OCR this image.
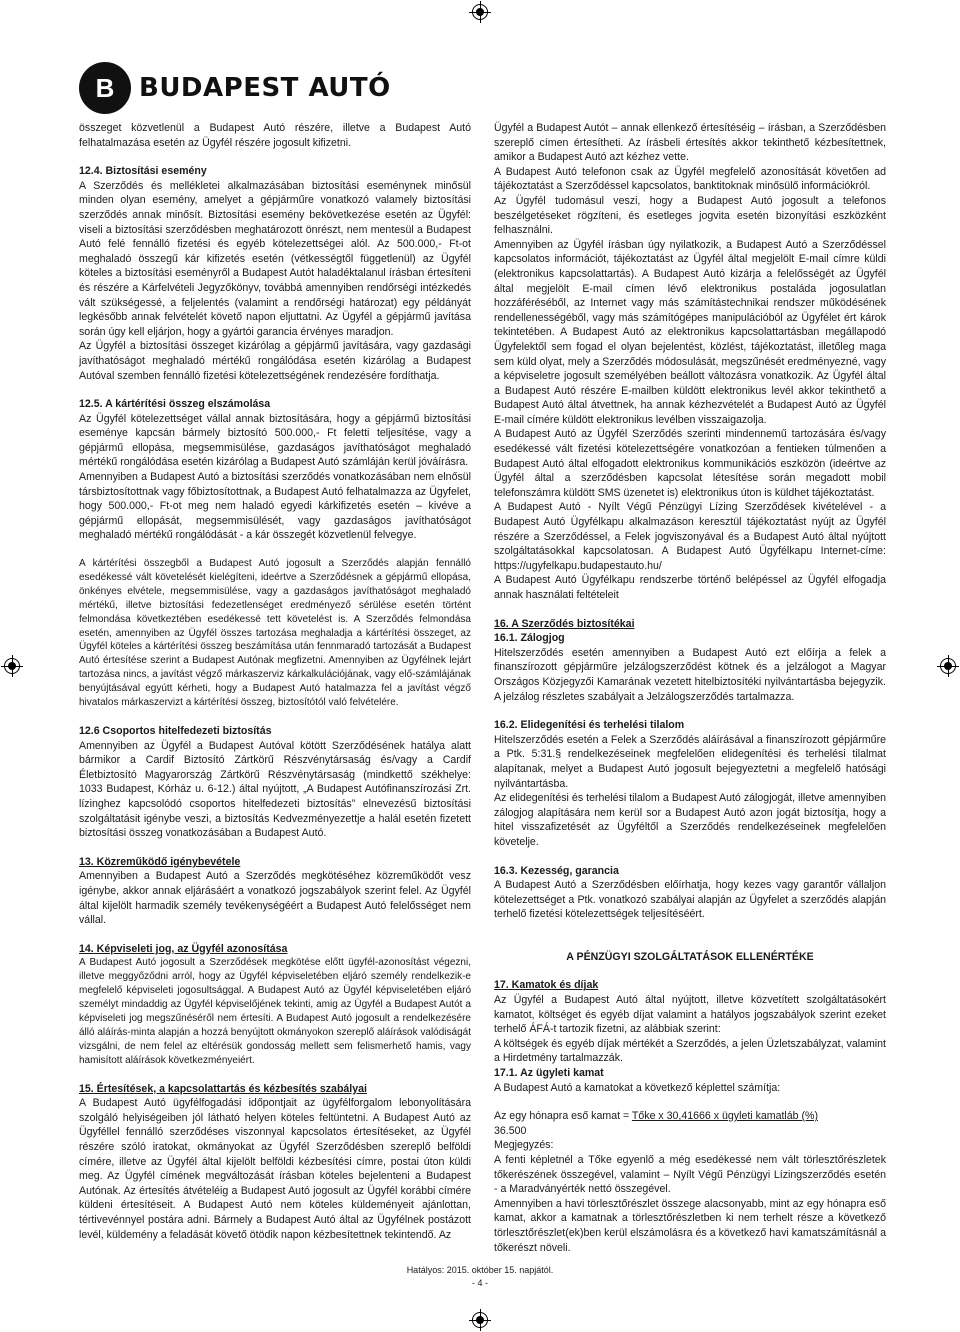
B BUDAPEST AUTÓ

összeget közvetlenül a Budapest Autó részére, illetve a Budapest Autó felhatalmazása esetén az Ügyfél részére jogosult kifizetni.

12.4. Biztosítási esemény

A Szerződés és mellékletei alkalmazásában biztosítási eseménynek minősül minden olyan esemény, amelyet a gépjárműre vonatkozó valamely biztosítási szerződés annak minősít. Biztosítási esemény bekövetkezése esetén az Ügyfél: viseli a biztosítási szerződésben meghatározott önrészt, nem mentesül a Budapest Autó felé fennálló fizetési és egyéb kötelezettségei alól. Az 500.000,- Ft-ot meghaladó összegű kár kifizetés esetén (vétkességtől függetlenül) az Ügyfél köteles a biztosítási eseményről a Budapest Autót haladéktalanul írásban értesíteni és részére a Kárfelvételi Jegyzőkönyv, továbbá amennyiben rendőrségi intézkedés vált szükségessé, a feljelentés (valamint a rendőrségi határozat) egy példányát legkésőbb annak felvételét követő napon eljuttatni. Az Ügyfél a gépjármű javítása során úgy kell eljárjon, hogy a gyártói garancia érvényes maradjon.

Az Ügyfél a biztosítási összeget kizárólag a gépjármű javítására, vagy gazdasági javíthatóságot meghaladó mértékű rongálódása esetén kizárólag a Budapest Autóval szemben fennálló fizetési kötelezettségének rendezésére fordíthatja.

12.5. A kártérítési összeg elszámolása

Az Ügyfél kötelezettséget vállal annak biztosítására, hogy a gépjármű biztosítási eseménye kapcsán bármely biztosító 500.000,- Ft feletti teljesítése, vagy a gépjármű ellopása, megsemmisülése, gazdaságos javíthatóságot meghaladó mértékű rongálódása esetén kizárólag a Budapest Autó számláján kerül jóváírásra.

Amennyiben a Budapest Autó a biztosítási szerződés vonatkozásában nem elnősül társbiztosítottnak vagy főbiztosítottnak, a Budapest Autó felhatalmazza az Ügyfelet, hogy 500.000,- Ft-ot meg nem haladó egyedi kárkifizetés esetén – kivéve a gépjármű ellopását, megsemmisülését, vagy gazdaságos javíthatóságot meghaladó mértékű rongálódását - a kár összegét közvetlenül felvegye.

A kártérítési összegből a Budapest Autó jogosult a Szerződés alapján fennálló esedékessé vált követelését kielégíteni, ideértve a Szerződésnek a gépjármű ellopása, önkényes elvétele, megsemmisülése, vagy a gazdaságos javíthatóságot meghaladó mértékű, illetve biztosítási fedezetlenséget eredményező sérülése esetén történt felmondása következtében esedékessé tett követelést is. A Szerződés felmondása esetén, amennyiben az Ügyfél összes tartozása meghaladja a kártérítési összeget, az Ügyfél köteles a kártérítési összeg beszámítása után fennmaradó tartozását a Budapest Autó értesítése szerint a Budapest Autónak megfizetni. Amennyiben az Ügyfélnek lejárt tartozása nincs, a javítást végző márkaszerviz kárkalkulációjának, vagy elő-számlájának benyújtásával egyútt kérheti, hogy a Budapest Autó hatalmazza fel a javítást végző hivatalos márkaszervizt a kártérítési összeg, biztosítótól való felvételére.

12.6 Csoportos hitelfedezeti biztosítás

Amennyiben az Ügyfél a Budapest Autóval kötött Szerződésének hatálya alatt bármikor a Cardif Biztosító Zártkörű Részvénytársaság és/vagy a Cardif Életbiztosító Magyarország Zártkörű Részvénytársaság (mindkettő székhelye: 1033 Budapest, Kórház u. 6-12.) által nyújtott, „A Budapest Autófinanszírozási Zrt. lízinghez kapcsolódó csoportos hitelfedezeti biztosítás” elnevezésű biztosítási szolgáltatásit igénybe veszi, a biztosítás Kedvezményezettje a halál esetén fizetett biztosítási összeg vonatkozásában a Budapest Autó.

13. Közreműködő igénybevétele

Amennyiben a Budapest Autó a Szerződés megkötéséhez közreműködőt vesz igénybe, akkor annak eljárásáért a vonatkozó jogszabályok szerint felel. Az Ügyfél által kijelölt harmadik személy tevékenységéért a Budapest Autó felelősséget nem vállal.

14. Képviseleti jog, az Ügyfél azonosítása

A Budapest Autó jogosult a Szerződések megkötése előtt ügyfél-azonosítást végezni, illetve meggyőződni arról, hogy az Ügyfél képviseletében eljáró személy rendelkezik-e megfelelő képviseleti jogosultsággal. A Budapest Autó az Ügyfél képviseletében eljáró személyt mindaddig az Ügyfél képviselőjének tekinti, amig az Ügyfél a Budapest Autót a képviseleti jog megszűnéséről nem értesíti. A Budapest Autó jogosult a rendelkezésére álló aláírás-minta alapján a hozzá benyújtott okmányokon szereplő aláírások valódiságát vizsgálni, de nem felel az eltérésük gondosság mellett sem felismerhető hamis, vagy hamisított aláírások következményeiért.

15. Értesítések, a kapcsolattartás és kézbesítés szabályai

A Budapest Autó ügyfélfogadási időpontjait az ügyfélforgalom lebonyolítására szolgáló helyiségeiben jól látható helyen köteles feltüntetni. A Budapest Autó az Ügyféllel fennálló szerződéses viszonnyal kapcsolatos értesítéseket, az Ügyfél részére szóló iratokat, okmányokat az Ügyfél Szerződésben szereplő belföldi címére, illetve az Ügyfél által kijelölt belföldi kézbesítési címre, postai úton küldi meg. Az Ügyfél címének megváltozását írásban köteles bejelenteni a Budapest Autónak. Az értesítés átvételéig a Budapest Autó jogosult az Ügyfél korábbi címére küldeni értesítéseit. A Budapest Autó nem köteles küldeményeit ajánlottan, tértivevénnyel postára adni. Bármely a Budapest Autó által az Ügyfélnek postázott levél, küldemény a feladását követő ötödik napon kézbesítettnek tekintendő. Az

Ügyfél a Budapest Autót – annak ellenkező értesítéséig – írásban, a Szerződésben szereplő címen értesítheti. Az írásbeli értesítés akkor tekinthető kézbesítettnek, amikor a Budapest Autó azt kézhez vette.

A Budapest Autó telefonon csak az Ügyfél megfelelő azonosítását követően ad tájékoztatást a Szerződéssel kapcsolatos, banktitoknak minősülő információkról.

Az Ügyfél tudomásul veszi, hogy a Budapest Autó jogosult a telefonos beszélgetéseket rögzíteni, és esetleges jogvita esetén bizonyítási eszközként felhasználni.

Amennyiben az Ügyfél írásban úgy nyilatkozik, a Budapest Autó a Szerződéssel kapcsolatos információt, tájékoztatást az Ügyfél által megjelölt E-mail címre küldi (elektronikus kapcsolattartás). A Budapest Autó kizárja a felelősségét az Ügyfél által megjelölt E-mail címen lévő elektronikus postaláda jogosulatlan hozzáféréséből, az Internet vagy más számítástechnikai rendszer működésének rendellenességéből, vagy más számítógépes manipulációból az Ügyfélet ért károk tekintetében. A Budapest Autó az elektronikus kapcsolattartásban megállapodó Ügyfelektől sem fogad el olyan bejelentést, közlést, tájékoztatást, illetőleg maga sem küld olyat, mely a Szerződés módosulását, megszűnését eredményezné, vagy a képviseletre jogosult személyében beállott változásra vonatkozik. Az Ügyfél által a Budapest Autó részére E-mailben küldött elektronikus levél akkor tekinthető a Budapest Autó által átvettnek, ha annak kézhezvételét a Budapest Autó az Ügyfél E-mail címére küldött elektronikus levélben visszaigazolja.

A Budapest Autó az Ügyfél Szerződés szerinti mindennemű tartozására és/vagy esedékessé vált fizetési kötelezettségére vonatkozóan a fentieken túlmenően a Budapest Autó által elfogadott elektronikus kommunikációs eszközön (ideértve az Ügyfél által a szerződésben kapcsolat létesítése során megadott mobil telefonszámra küldött SMS üzenetet is) elektronikus úton is küldhet tájékoztatást.

A Budapest Autó - Nyílt Végű Pénzügyi Lízing Szerződések kivételével - a Budapest Autó Ügyfélkapu alkalmazáson keresztül tájékoztatást nyújt az Ügyfél részére a Szerződéssel, a Felek jogviszonyával és a Budapest Autó által nyújtott szolgáltatásokkal kapcsolatosan. A Budapest Autó Ügyfélkapu Internet-címe: https://ugyfelkapu.budapestauto.hu/

A Budapest Autó Ügyfélkapu rendszerbe történő belépéssel az Ügyfél elfogadja annak használati feltételeit

16. A Szerződés biztosítékai
16.1. Zálogjog

Hitelszerződés esetén amennyiben a Budapest Autó ezt előírja a felek a finanszírozott gépjárműre jelzálogszerződést kötnek és a jelzálogot a Magyar Országos Közjegyzői Kamarának vezetett hitelbiztosítéki nyilvántartásba bejegyzik. A jelzálog részletes szabályait a Jelzálogszerződés tartalmazza.

16.2. Elidegenítési és terhelési tilalom

Hitelszerződés esetén a Felek a Szerződés aláírásával a finanszírozott gépjárműre a Ptk. 5:31.§ rendelkezéseinek megfelelően elidegenítési és terhelési tilalmat alapítanak, melyet a Budapest Autó jogosult bejegyeztetni a megfelelő hatósági nyilvántartásba.

Az elidegenítési és terhelési tilalom a Budapest Autó zálogjogát, illetve amennyiben zálogjog alapítására nem kerül sor a Budapest Autó azon jogát biztosítja, hogy a hitel visszafizetését az Ügyféltől a Szerződés rendelkezéseinek megfelelően követelje.

16.3. Kezesség, garancia

A Budapest Autó a Szerződésben előírhatja, hogy kezes vagy garantőr vállaljon kötelezettséget a Ptk. vonatkozó szabályai alapján az Ügyfelet a szerződés alapján terhelő fizetési kötelezettségek teljesítéséért.

A PÉNZÜGYI SZOLGÁLTATÁSOK ELLENÉRTÉKE
17. Kamatok és díjak

Az Ügyfél a Budapest Autó által nyújtott, illetve közvetített szolgáltatásokért kamatot, költséget és egyéb díjat valamint a hatályos jogszabályok szerint ezeket terhelő ÁFÁ-t tartozik fizetni, az alábbiak szerint:

A költségek és egyéb díjak mértékét a Szerződés, a jelen Üzletszabályzat, valamint a Hirdetmény tartalmazzák.

17.1. Az ügyleti kamat

A Budapest Autó a kamatokat a következő képlettel számítja:

Az egy hónapra eső kamat = Tőke x 30,41666 x ügyleti kamatláb (%)

36.500

Megjegyzés:

A fenti képletnél a Tőke egyenlő a még esedékessé nem vált törlesztőrészletek tőkerészének összegével, valamint – Nyílt Végű Pénzügyi Lízingszerződés esetén - a Maradványérték nettó összegével.

Amennyiben a havi törlesztőrészlet összege alacsonyabb, mint az egy hónapra eső kamat, akkor a kamatnak a törlesztőrészletben ki nem terhelt része a következő törlesztőrészlet(ek)ben kerül elszámolásra és a következő havi kamatszámításnál a tőkerészt növeli.

Hatályos: 2015. október 15. napjától.
- 4 -
